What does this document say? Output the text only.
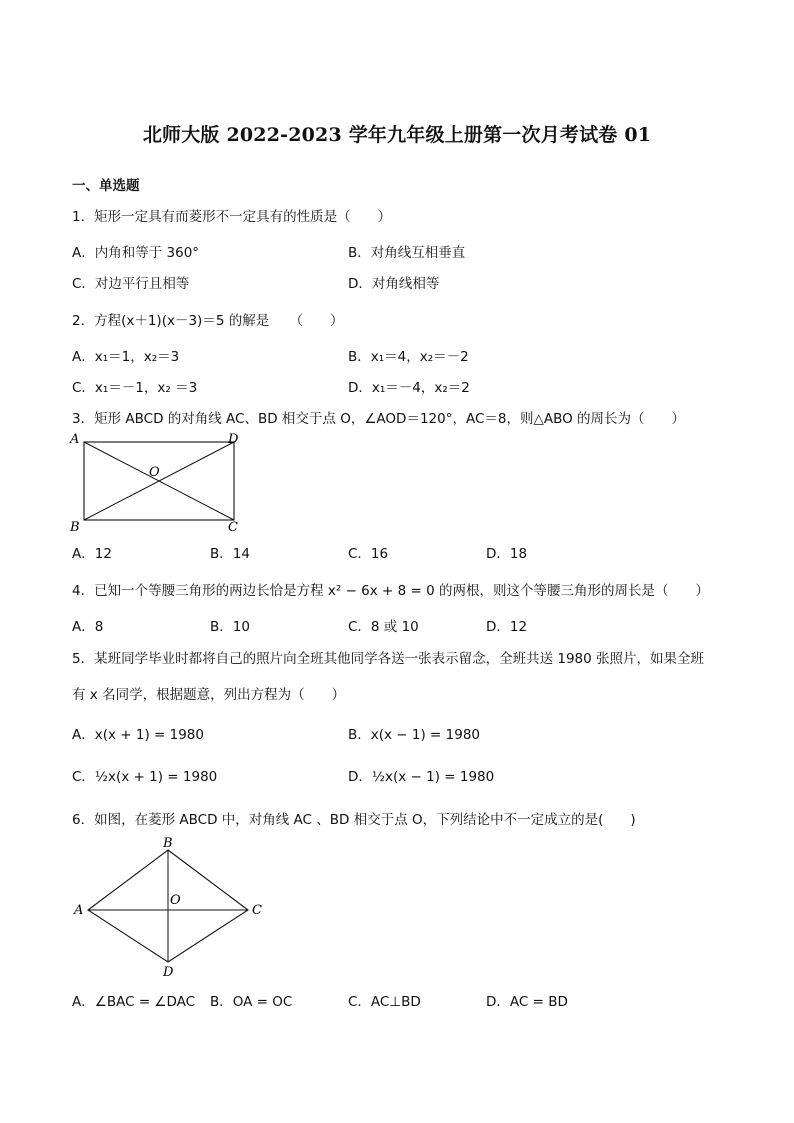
北师大版 2022-2023 学年九年级上册第一次月考试卷 01
一、单选题
1．矩形一定具有而菱形不一定具有的性质是（　　）
A．内角和等于 360°	B．对角线互相垂直
C．对边平行且相等	D．对角线相等
2．方程(x＋1)(x－3)＝5 的解是　　（　　）
A．x₁＝1，x₂＝3	B．x₁＝4，x₂＝－2
C．x₁＝－1，x₂ ＝3	D．x₁＝－4，x₂＝2
3．矩形 ABCD 的对角线 AC、BD 相交于点 O，∠AOD＝120°，AC＝8，则△ABO 的周长为（　　）
A	D
O
B	C
A．12	B．14	C．16	D．18
4．已知一个等腰三角形的两边长恰是方程 x² − 6x + 8 = 0 的两根，则这个等腰三角形的周长是（　　）
A．8	B．10	C．8 或 10	D．12
5．某班同学毕业时都将自己的照片向全班其他同学各送一张表示留念，全班共送 1980 张照片，如果全班
有 x 名同学，根据题意，列出方程为（　　）
A．x(x + 1) = 1980	B．x(x − 1) = 1980
C．½x(x + 1) = 1980	D．½x(x − 1) = 1980
6．如图，在菱形 ABCD 中，对角线 AC 、BD 相交于点 O，下列结论中不一定成立的是(　　)
B
A
O
C
D
A．∠BAC = ∠DAC B．OA = OC	C．AC⊥BD	D．AC = BD
